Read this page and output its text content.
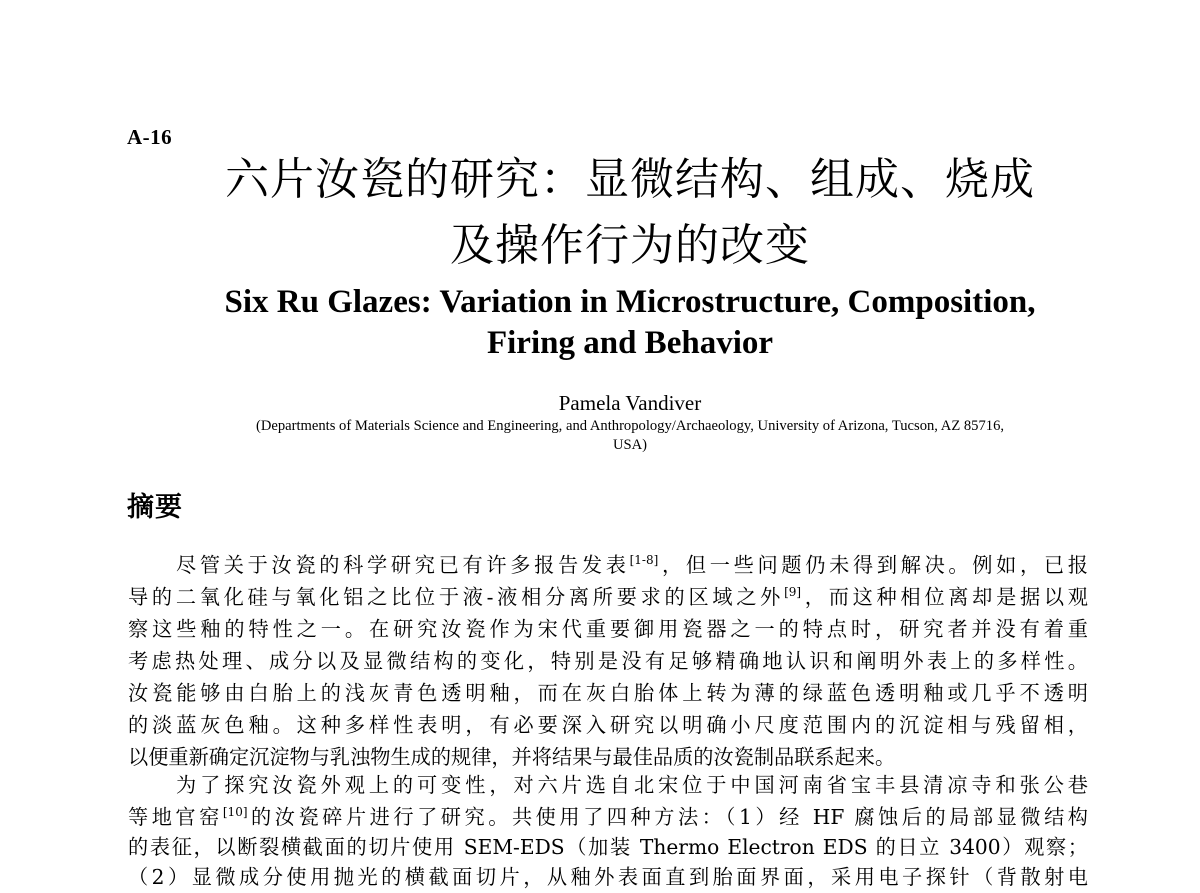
A-16
六片汝瓷的研究：显微结构、组成、烧成
及操作行为的改变
Six Ru Glazes: Variation in Microstructure, Composition,
Firing and Behavior
Pamela Vandiver
(Departments of Materials Science and Engineering, and Anthropology/Archaeology, University of Arizona, Tucson, AZ 85716,
USA)
摘要
尽管关于汝瓷的科学研究已有许多报告发表[1-8]，但一些问题仍未得到解决。例如，已报
导的二氧化硅与氧化铝之比位于液-液相分离所要求的区域之外[9]，而这种相位离却是据以观
察这些釉的特性之一。在研究汝瓷作为宋代重要御用瓷器之一的特点时，研究者并没有着重
考虑热处理、成分以及显微结构的变化，特别是没有足够精确地认识和阐明外表上的多样性。
汝瓷能够由白胎上的浅灰青色透明釉，而在灰白胎体上转为薄的绿蓝色透明釉或几乎不透明
的淡蓝灰色釉。这种多样性表明，有必要深入研究以明确小尺度范围内的沉淀相与残留相，
以便重新确定沉淀物与乳浊物生成的规律，并将结果与最佳品质的汝瓷制品联系起来。
为了探究汝瓷外观上的可变性，对六片选自北宋位于中国河南省宝丰县清凉寺和张公巷
等地官窑[10]的汝瓷碎片进行了研究。共使用了四种方法：（1）经 HF 腐蚀后的局部显微结构
的表征，以断裂横截面的切片使用 SEM-EDS（加装 Thermo Electron EDS 的日立 3400）观察；
（2）显微成分使用抛光的横截面切片，从釉外表面直到胎面界面，采用电子探针（背散射电
